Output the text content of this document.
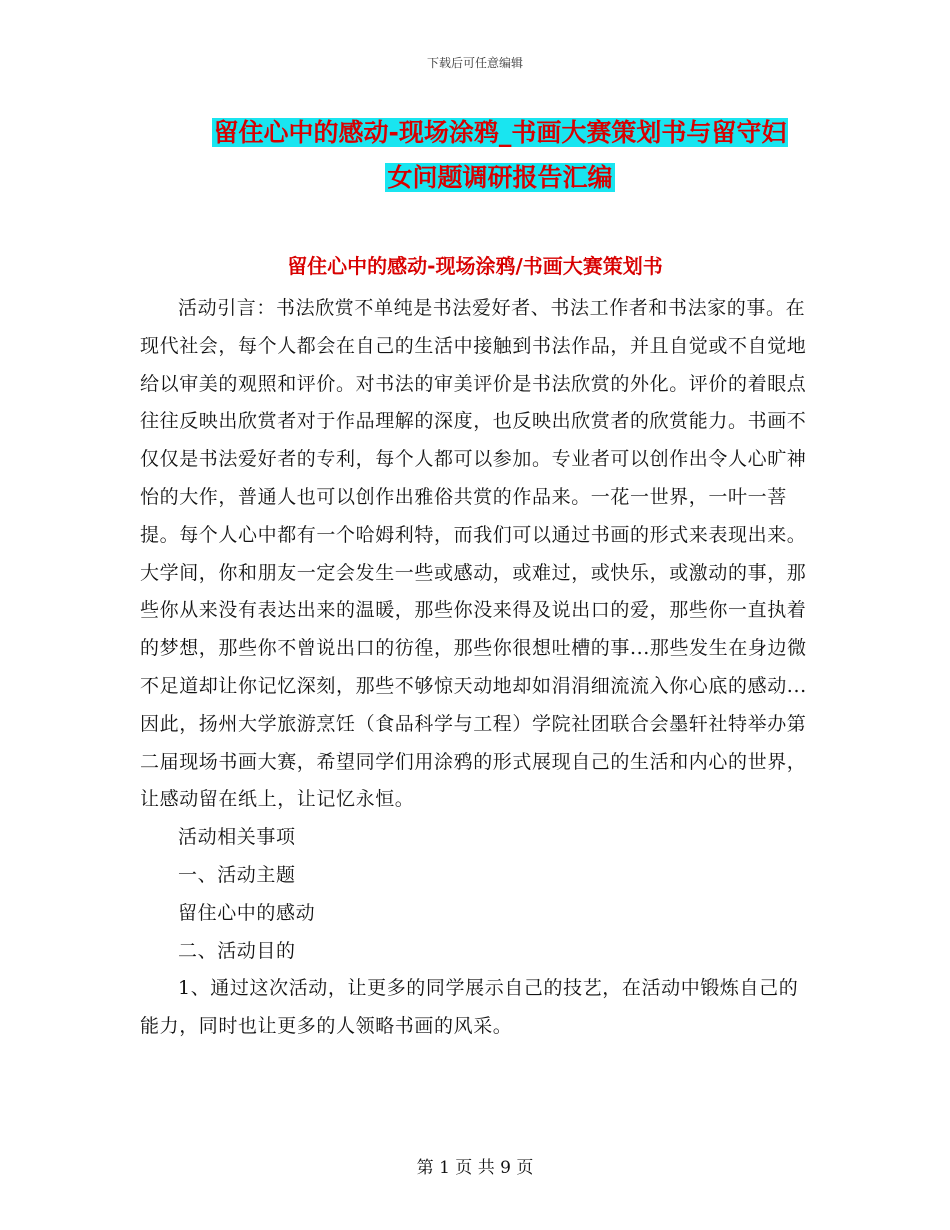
下载后可任意编辑
留住心中的感动-现场涂鸦_书画大赛策划书与留守妇
女问题调研报告汇编
留住心中的感动-现场涂鸦/书画大赛策划书

活动引言：书法欣赏不单纯是书法爱好者、书法工作者和书法家的事。在现代社会，每个人都会在自己的生活中接触到书法作品，并且自觉或不自觉地给以审美的观照和评价。对书法的审美评价是书法欣赏的外化。评价的着眼点往往反映出欣赏者对于作品理解的深度，也反映出欣赏者的欣赏能力。书画不仅仅是书法爱好者的专利，每个人都可以参加。专业者可以创作出令人心旷神怡的大作，普通人也可以创作出雅俗共赏的作品来。一花一世界，一叶一菩提。每个人心中都有一个哈姆利特，而我们可以通过书画的形式来表现出来。大学间，你和朋友一定会发生一些或感动，或难过，或快乐，或激动的事，那些你从来没有表达出来的温暖，那些你没来得及说出口的爱，那些你一直执着的梦想，那些你不曾说出口的彷徨，那些你很想吐槽的事...那些发生在身边微不足道却让你记忆深刻，那些不够惊天动地却如涓涓细流流入你心底的感动...因此，扬州大学旅游烹饪（食品科学与工程）学院社团联合会墨轩社特举办第二届现场书画大赛，希望同学们用涂鸦的形式展现自己的生活和内心的世界，让感动留在纸上，让记忆永恒。

活动相关事项

一、活动主题

留住心中的感动

二、活动目的

1、通过这次活动，让更多的同学展示自己的技艺，在活动中锻炼自己的能力，同时也让更多的人领略书画的风采。

第 1 页 共 9 页
